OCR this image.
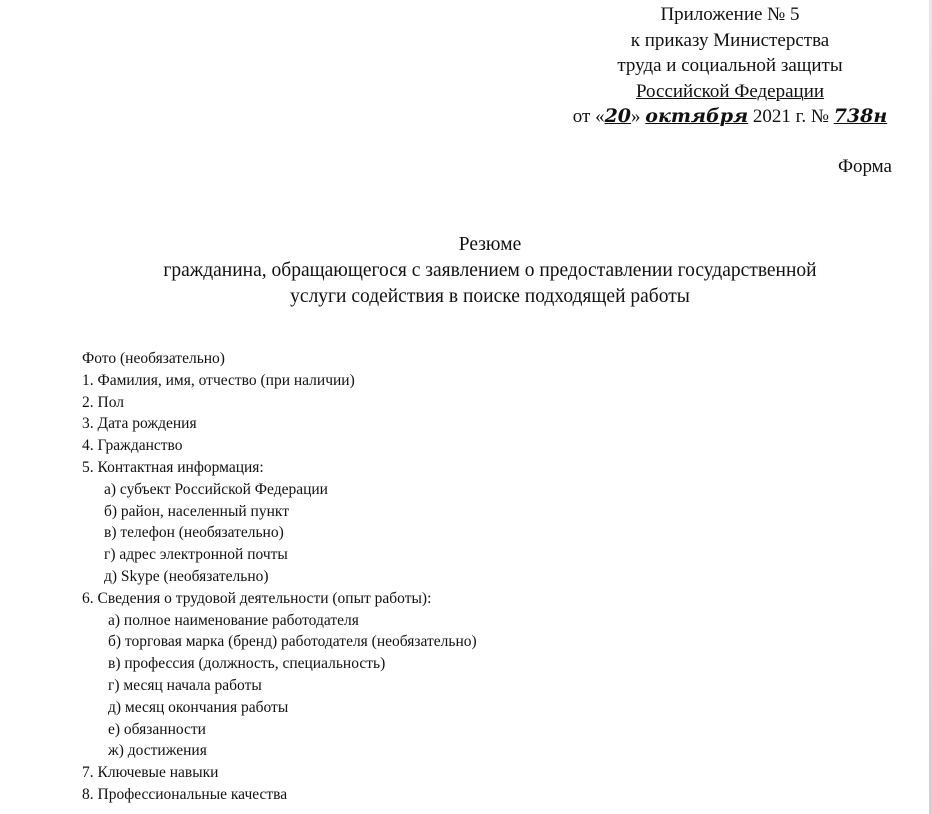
Приложение № 5
к приказу Министерства
труда и социальной защиты
Российской Федерации
от «20» октября 2021 г. № 738н
Форма
Резюме
гражданина, обращающегося с заявлением о предоставлении государственной
услуги содействия в поиске подходящей работы
Фото (необязательно)
1. Фамилия, имя, отчество (при наличии)
2. Пол
3. Дата рождения
4. Гражданство
5. Контактная информация:
а) субъект Российской Федерации
б) район, населенный пункт
в) телефон (необязательно)
г) адрес электронной почты
д) Skype (необязательно)
6. Сведения о трудовой деятельности (опыт работы):
а) полное наименование работодателя
б) торговая марка (бренд) работодателя (необязательно)
в) профессия (должность, специальность)
г) месяц начала работы
д) месяц окончания работы
е) обязанности
ж) достижения
7. Ключевые навыки
8. Профессиональные качества
